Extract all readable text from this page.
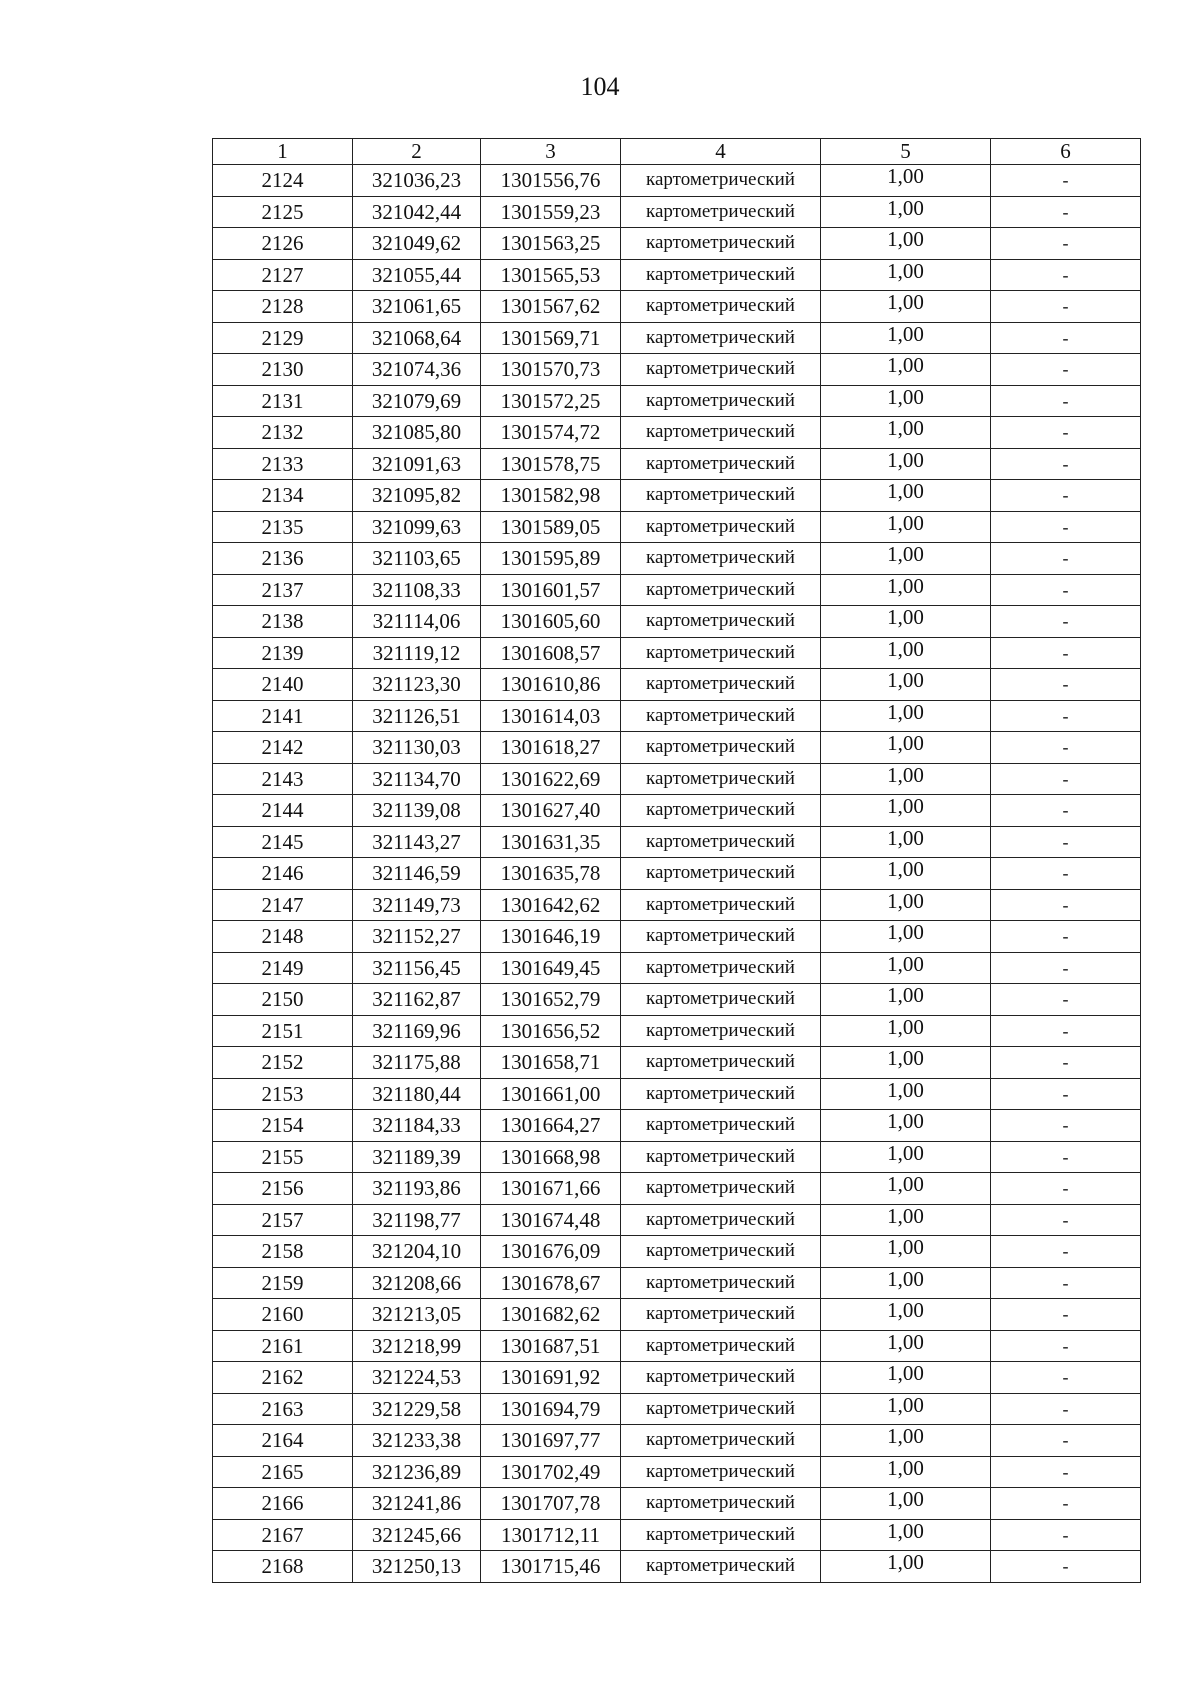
104
1	2	3	4	5	6
2124	321036,23	1301556,76	картометрический	1,00	-
2125	321042,44	1301559,23	картометрический	1,00	-
2126	321049,62	1301563,25	картометрический	1,00	-
2127	321055,44	1301565,53	картометрический	1,00	-
2128	321061,65	1301567,62	картометрический	1,00	-
2129	321068,64	1301569,71	картометрический	1,00	-
2130	321074,36	1301570,73	картометрический	1,00	-
2131	321079,69	1301572,25	картометрический	1,00	-
2132	321085,80	1301574,72	картометрический	1,00	-
2133	321091,63	1301578,75	картометрический	1,00	-
2134	321095,82	1301582,98	картометрический	1,00	-
2135	321099,63	1301589,05	картометрический	1,00	-
2136	321103,65	1301595,89	картометрический	1,00	-
2137	321108,33	1301601,57	картометрический	1,00	-
2138	321114,06	1301605,60	картометрический	1,00	-
2139	321119,12	1301608,57	картометрический	1,00	-
2140	321123,30	1301610,86	картометрический	1,00	-
2141	321126,51	1301614,03	картометрический	1,00	-
2142	321130,03	1301618,27	картометрический	1,00	-
2143	321134,70	1301622,69	картометрический	1,00	-
2144	321139,08	1301627,40	картометрический	1,00	-
2145	321143,27	1301631,35	картометрический	1,00	-
2146	321146,59	1301635,78	картометрический	1,00	-
2147	321149,73	1301642,62	картометрический	1,00	-
2148	321152,27	1301646,19	картометрический	1,00	-
2149	321156,45	1301649,45	картометрический	1,00	-
2150	321162,87	1301652,79	картометрический	1,00	-
2151	321169,96	1301656,52	картометрический	1,00	-
2152	321175,88	1301658,71	картометрический	1,00	-
2153	321180,44	1301661,00	картометрический	1,00	-
2154	321184,33	1301664,27	картометрический	1,00	-
2155	321189,39	1301668,98	картометрический	1,00	-
2156	321193,86	1301671,66	картометрический	1,00	-
2157	321198,77	1301674,48	картометрический	1,00	-
2158	321204,10	1301676,09	картометрический	1,00	-
2159	321208,66	1301678,67	картометрический	1,00	-
2160	321213,05	1301682,62	картометрический	1,00	-
2161	321218,99	1301687,51	картометрический	1,00	-
2162	321224,53	1301691,92	картометрический	1,00	-
2163	321229,58	1301694,79	картометрический	1,00	-
2164	321233,38	1301697,77	картометрический	1,00	-
2165	321236,89	1301702,49	картометрический	1,00	-
2166	321241,86	1301707,78	картометрический	1,00	-
2167	321245,66	1301712,11	картометрический	1,00	-
2168	321250,13	1301715,46	картометрический	1,00	-
